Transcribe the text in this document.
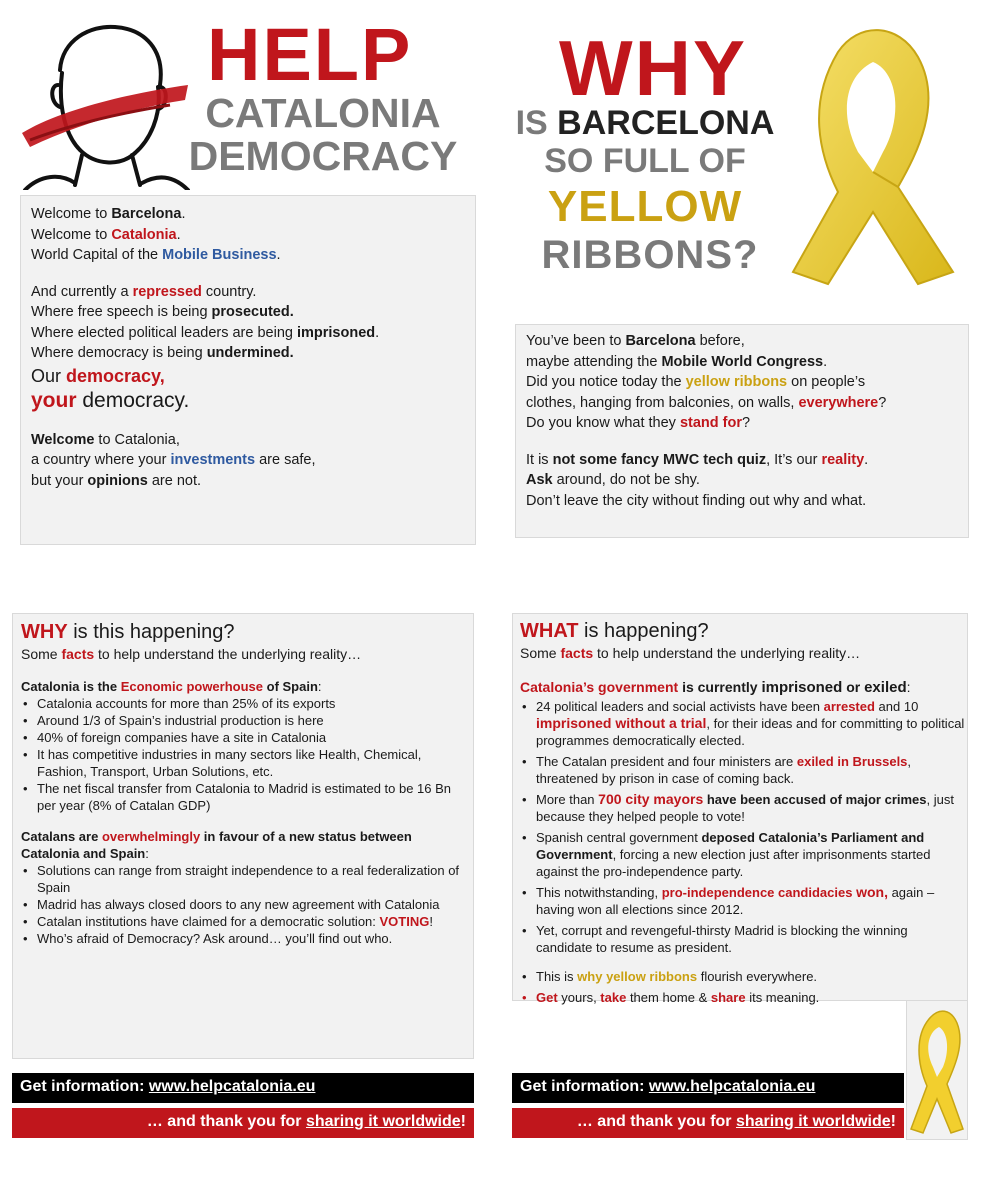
HELP
CATALONIA
DEMOCRACY
WHY
IS BARCELONA
SO FULL OF
YELLOW
RIBBONS?
Welcome to Barcelona.
Welcome to Catalonia.
World Capital of the Mobile Business.
And currently a repressed country.
Where free speech is being prosecuted.
Where elected political leaders are being imprisoned.
Where democracy is being undermined.
Our democracy,
your democracy.
Welcome to Catalonia,
a country where your investments are safe,
but your opinions are not.
You’ve been to Barcelona before,
maybe attending the Mobile World Congress.
Did you notice today the yellow ribbons on people’s
clothes, hanging from balconies, on walls, everywhere?
Do you know what they stand for?
It is not some fancy MWC tech quiz, It’s our reality.
Ask around, do not be shy.
Don’t leave the city without finding out why and what.
WHY is this happening?
Some facts to help understand the underlying reality…
Catalonia is the Economic powerhouse of Spain:
• Catalonia accounts for more than 25% of its exports
• Around 1/3 of Spain’s industrial production is here
• 40% of foreign companies have a site in Catalonia
• It has competitive industries in many sectors like Health, Chemical, Fashion, Transport, Urban Solutions, etc.
• The net fiscal transfer from Catalonia to Madrid is estimated to be 16 Bn per year (8% of Catalan GDP)
Catalans are overwhelmingly in favour of a new status between Catalonia and Spain:
• Solutions can range from straight independence to a real federalization of Spain
• Madrid has always closed doors to any new agreement with Catalonia
• Catalan institutions have claimed for a democratic solution: VOTING!
• Who’s afraid of Democracy? Ask around… you’ll find out who.
WHAT is happening?
Some facts to help understand the underlying reality…
Catalonia’s government is currently imprisoned or exiled:
• 24 political leaders and social activists have been arrested and 10 imprisoned without a trial, for their ideas and for committing to political programmes democratically elected.
• The Catalan president and four ministers are exiled in Brussels, threatened by prison in case of coming back.
• More than 700 city mayors have been accused of major crimes, just because they helped people to vote!
• Spanish central government deposed Catalonia’s Parliament and Government, forcing a new election just after imprisonments started against the pro-independence party.
• This notwithstanding, pro-independence candidacies won, again –having won all elections since 2012.
• Yet, corrupt and revengeful-thirsty Madrid is blocking the winning candidate to resume as president.
• This is why yellow ribbons flourish everywhere.
• Get yours, take them home & share its meaning.
Get information: www.helpcatalonia.eu
… and thank you for sharing it worldwide!
Get information: www.helpcatalonia.eu
… and thank you for sharing it worldwide!
